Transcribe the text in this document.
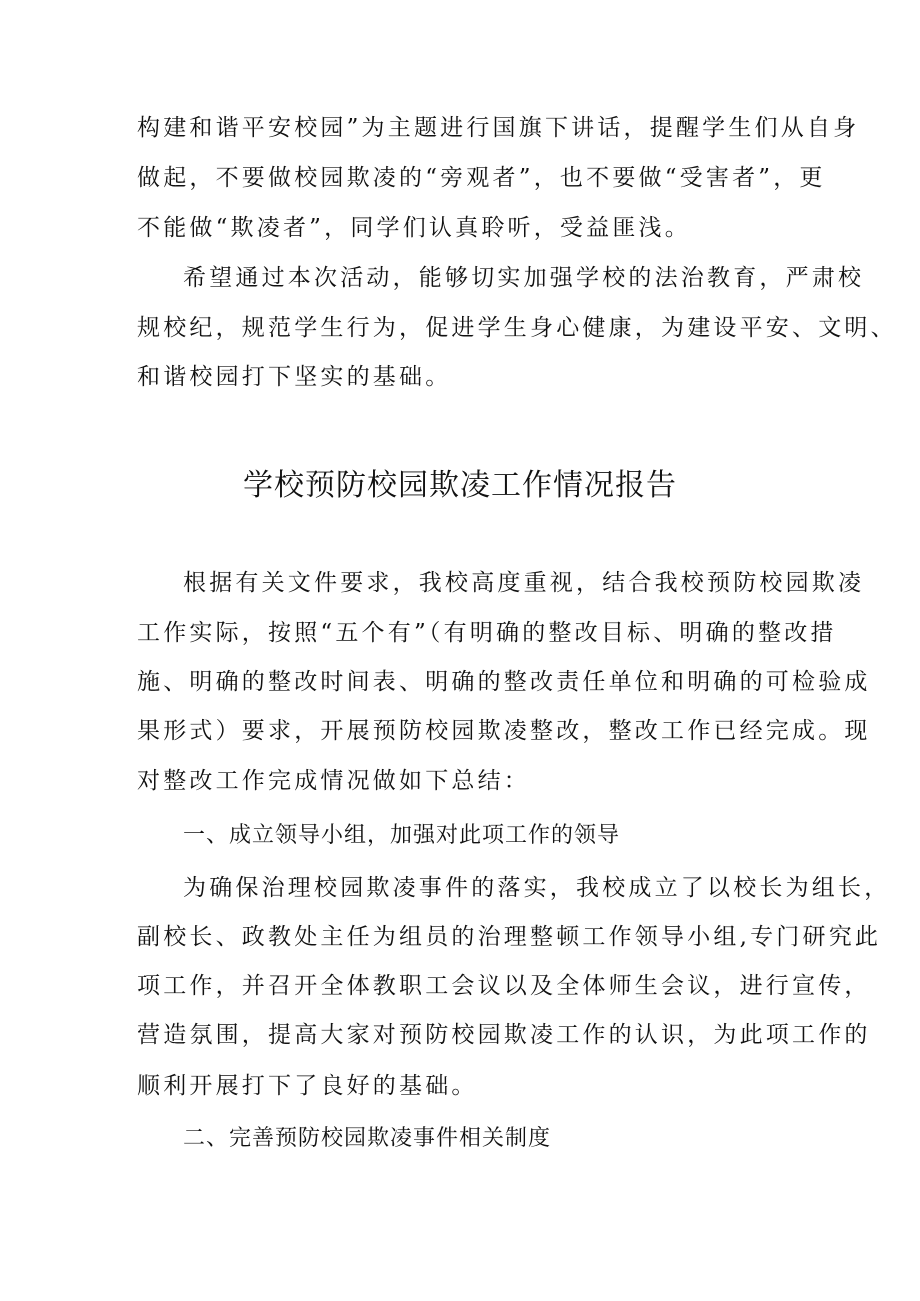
构建和谐平安校园”为主题进行国旗下讲话，提醒学生们从自身
做起，不要做校园欺凌的“旁观者”，也不要做“受害者”，更
不能做“欺凌者”，同学们认真聆听，受益匪浅。
希望通过本次活动，能够切实加强学校的法治教育，严肃校
规校纪，规范学生行为，促进学生身心健康，为建设平安、文明、
和谐校园打下坚实的基础。
学校预防校园欺凌工作情况报告
根据有关文件要求，我校高度重视，结合我校预防校园欺凌
工作实际，按照“五个有”（有明确的整改目标、明确的整改措
施、明确的整改时间表、明确的整改责任单位和明确的可检验成
果形式）要求，开展预防校园欺凌整改，整改工作已经完成。现
对整改工作完成情况做如下总结：
一、成立领导小组，加强对此项工作的领导
为确保治理校园欺凌事件的落实，我校成立了以校长为组长，
副校长、政教处主任为组员的治理整顿工作领导小组,专门研究此
项工作，并召开全体教职工会议以及全体师生会议，进行宣传，
营造氛围，提高大家对预防校园欺凌工作的认识，为此项工作的
顺利开展打下了良好的基础。
二、完善预防校园欺凌事件相关制度
